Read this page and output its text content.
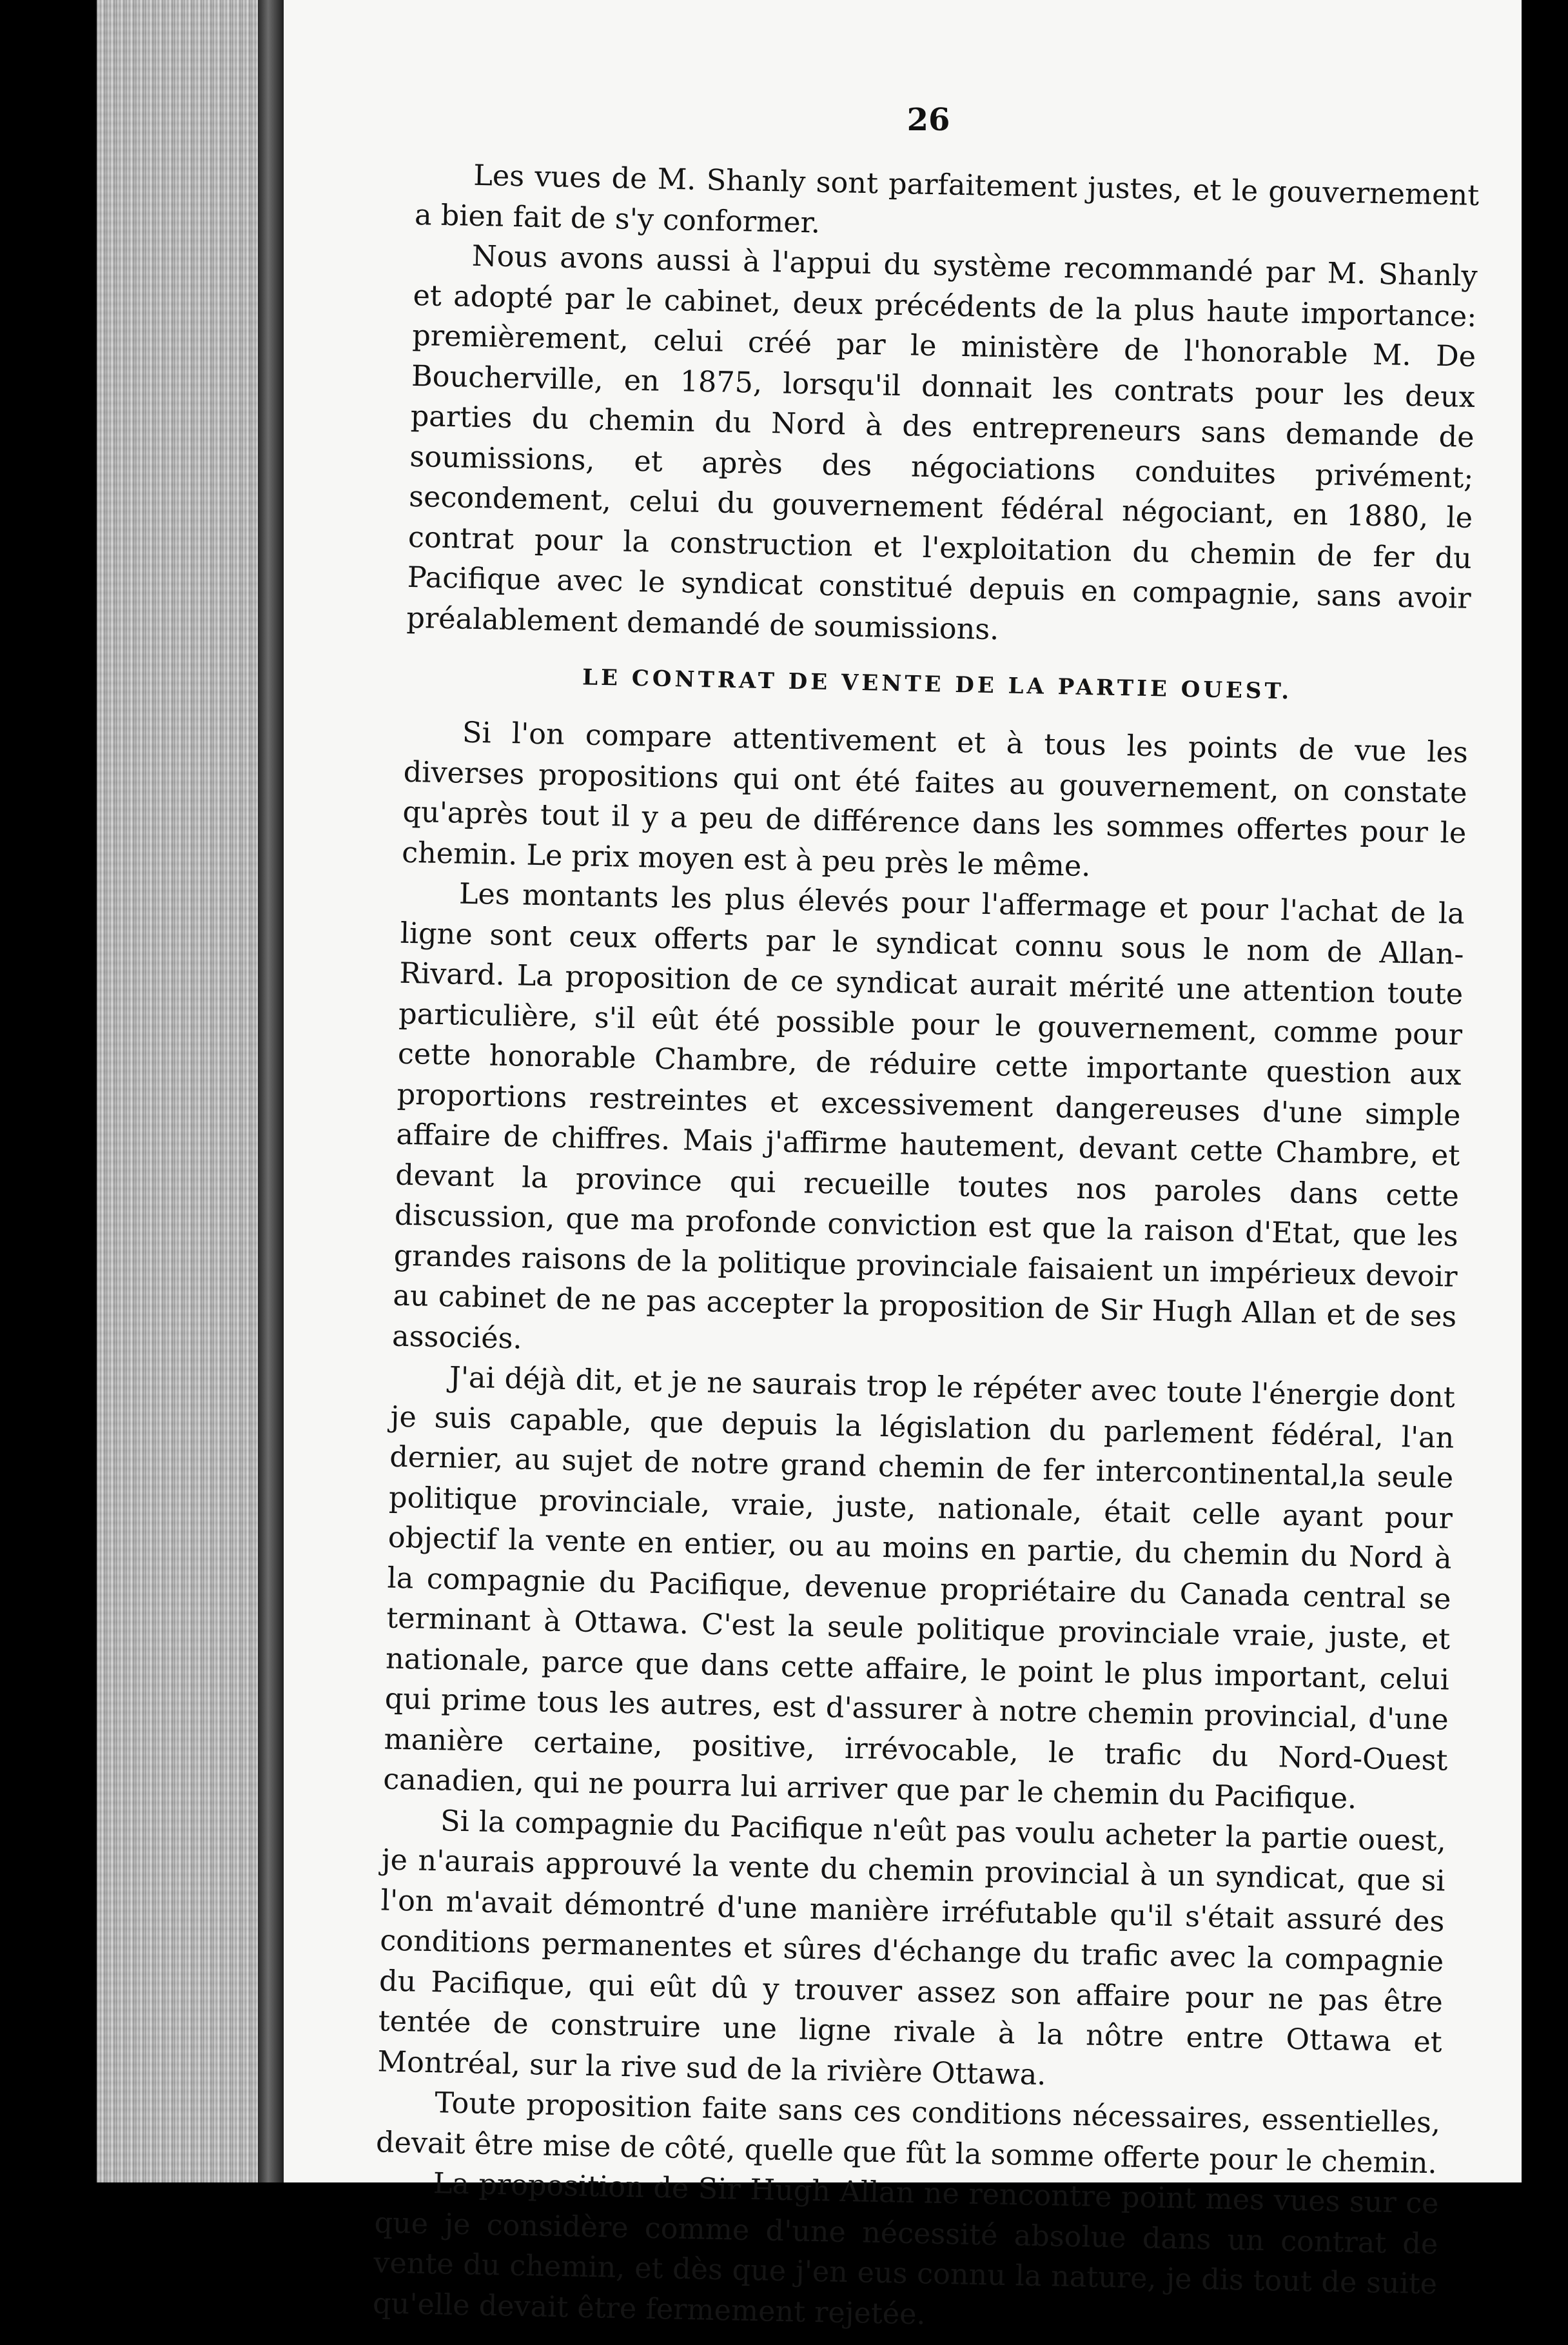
26

Les vues de M. Shanly sont parfaitement justes, et le gouvernement a bien fait de s'y conformer.

Nous avons aussi à l'appui du système recommandé par M. Shanly et adopté par le cabinet, deux précédents de la plus haute importance: premièrement, celui créé par le ministère de l'honorable M. De Boucherville, en 1875, lorsqu'il donnait les contrats pour les deux parties du chemin du Nord à des entrepreneurs sans demande de soumissions, et après des négociations conduites privément; secondement, celui du gouvernement fédéral négociant, en 1880, le contrat pour la construction et l'exploitation du chemin de fer du Pacifique avec le syndicat constitué depuis en compagnie, sans avoir préalablement demandé de soumissions.

LE CONTRAT DE VENTE DE LA PARTIE OUEST.

Si l'on compare attentivement et à tous les points de vue les diverses propositions qui ont été faites au gouvernement, on constate qu'après tout il y a peu de différence dans les sommes offertes pour le chemin. Le prix moyen est à peu près le même.

Les montants les plus élevés pour l'affermage et pour l'achat de la ligne sont ceux offerts par le syndicat connu sous le nom de Allan-Rivard. La proposition de ce syndicat aurait mérité une attention toute particulière, s'il eût été possible pour le gouvernement, comme pour cette honorable Chambre, de réduire cette importante question aux proportions restreintes et excessivement dangereuses d'une simple affaire de chiffres. Mais j'affirme hautement, devant cette Chambre, et devant la province qui recueille toutes nos paroles dans cette discussion, que ma profonde conviction est que la raison d'Etat, que les grandes raisons de la politique provinciale faisaient un impérieux devoir au cabinet de ne pas accepter la proposition de Sir Hugh Allan et de ses associés.

J'ai déjà dit, et je ne saurais trop le répéter avec toute l'énergie dont je suis capable, que depuis la législation du parlement fédéral, l'an dernier, au sujet de notre grand chemin de fer intercontinental,la seule politique provinciale, vraie, juste, nationale, était celle ayant pour objectif la vente en entier, ou au moins en partie, du chemin du Nord à la compagnie du Pacifique, devenue propriétaire du Canada central se terminant à Ottawa. C'est la seule politique provinciale vraie, juste, et nationale, parce que dans cette affaire, le point le plus important, celui qui prime tous les autres, est d'assurer à notre chemin provincial, d'une manière certaine, positive, irrévocable, le trafic du Nord-Ouest canadien, qui ne pourra lui arriver que par le chemin du Pacifique.

Si la compagnie du Pacifique n'eût pas voulu acheter la partie ouest, je n'aurais approuvé la vente du chemin provincial à un syndicat, que si l'on m'avait démontré d'une manière irréfutable qu'il s'était assuré des conditions permanentes et sûres d'échange du trafic avec la compagnie du Pacifique, qui eût dû y trouver assez son affaire pour ne pas être tentée de construire une ligne rivale à la nôtre entre Ottawa et Montréal, sur la rive sud de la rivière Ottawa.

Toute proposition faite sans ces conditions nécessaires, essentielles, devait être mise de côté, quelle que fût la somme offerte pour le chemin.

La proposition de Sir Hugh Allan ne rencontre point mes vues sur ce que je considère comme d'une nécessité absolue dans un contrat de vente du chemin, et dès que j'en eus connu la nature, je dis tout de suite qu'elle devait être fermement rejetée.
